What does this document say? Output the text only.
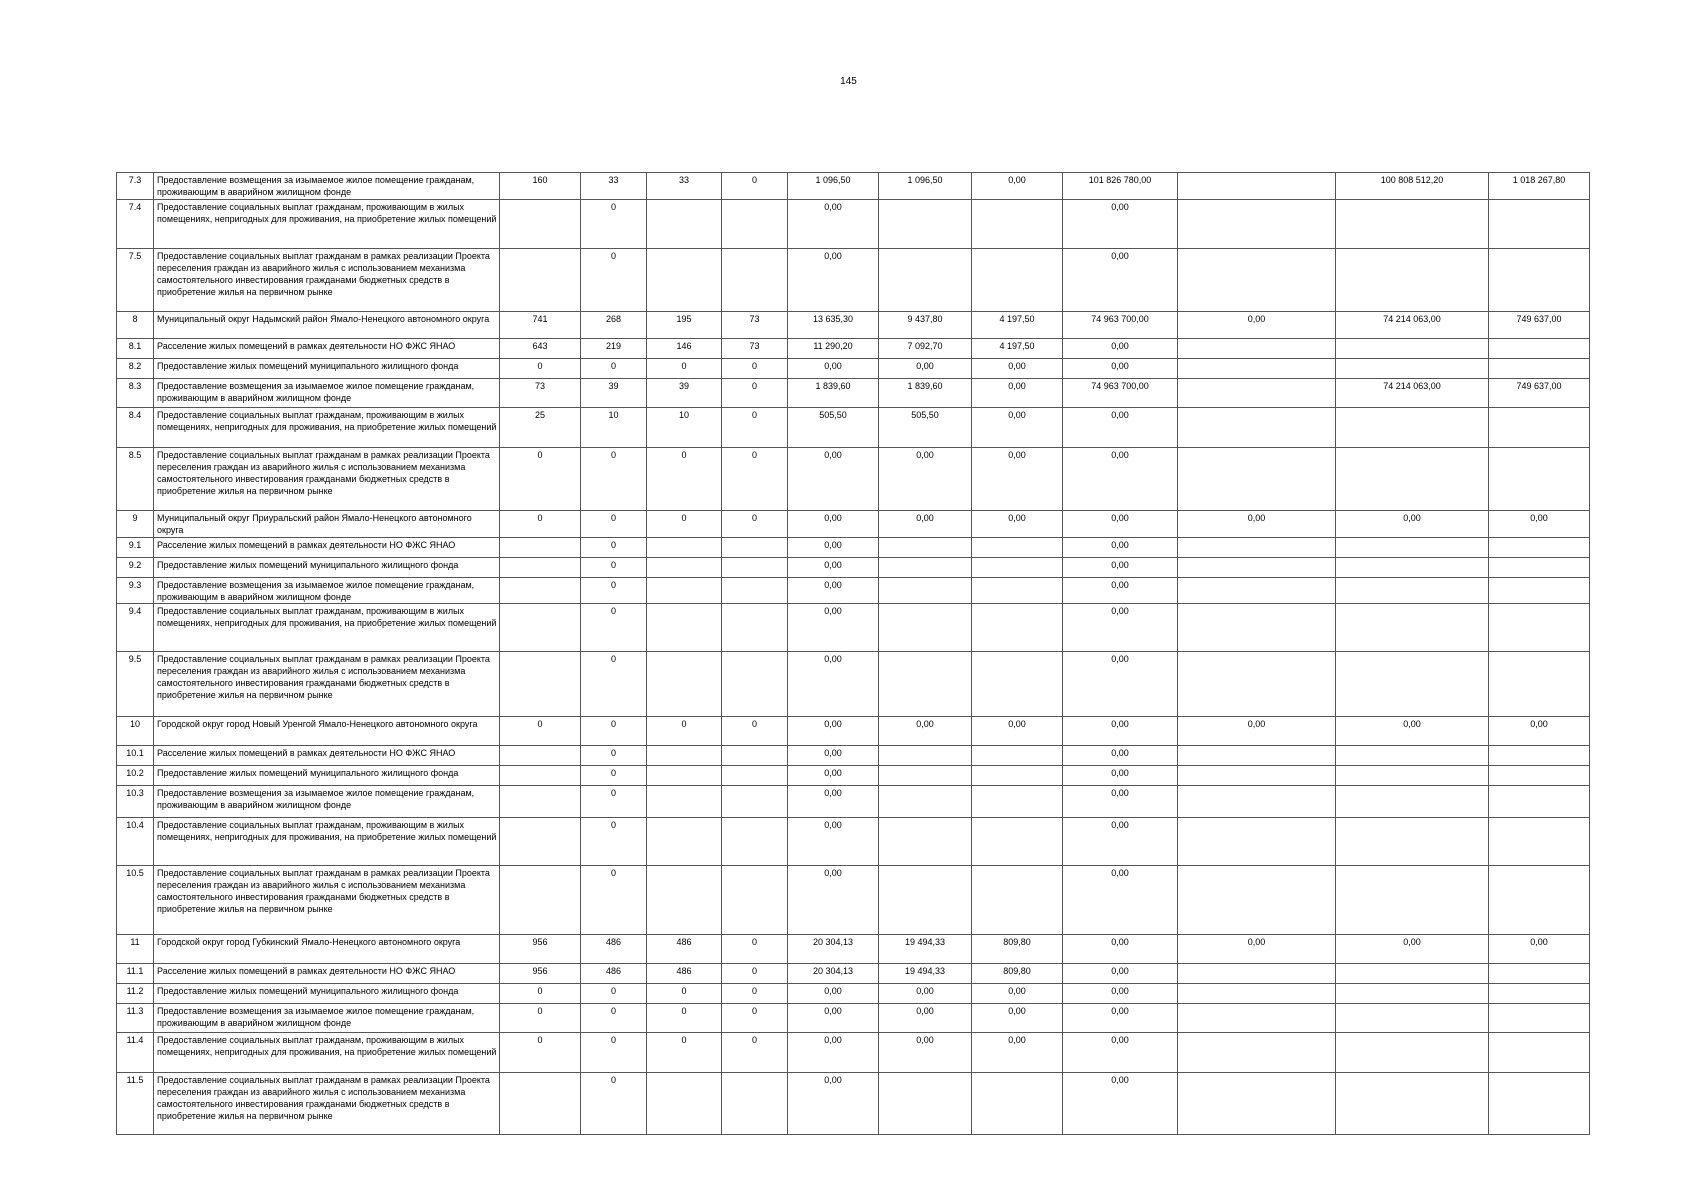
145
7.3	Предоставление возмещения за изымаемое жилое помещение гражданам, проживающим в аварийном жилищном фонде	160	33	33	0	1 096,50	1 096,50	0,00	101 826 780,00		100 808 512,20	1 018 267,80
7.4	Предоставление социальных выплат гражданам, проживающим в жилых помещениях, непригодных для проживания, на приобретение жилых помещений		0			0,00			0,00			
7.5	Предоставление социальных выплат гражданам в рамках реализации Проекта переселения граждан из аварийного жилья с использованием механизма самостоятельного инвестирования гражданами бюджетных средств в приобретение жилья на первичном рынке		0			0,00			0,00			
8	Муниципальный округ Надымский район Ямало-Ненецкого автономного округа	741	268	195	73	13 635,30	9 437,80	4 197,50	74 963 700,00	0,00	74 214 063,00	749 637,00
8.1	Расселение жилых помещений в рамках деятельности НО ФЖС ЯНАО	643	219	146	73	11 290,20	7 092,70	4 197,50	0,00			
8.2	Предоставление жилых помещений муниципального жилищного фонда	0	0	0	0	0,00	0,00	0,00	0,00			
8.3	Предоставление возмещения за изымаемое жилое помещение гражданам, проживающим в аварийном жилищном фонде	73	39	39	0	1 839,60	1 839,60	0,00	74 963 700,00		74 214 063,00	749 637,00
8.4	Предоставление социальных выплат гражданам, проживающим в жилых помещениях, непригодных для проживания, на приобретение жилых помещений	25	10	10	0	505,50	505,50	0,00	0,00			
8.5	Предоставление социальных выплат гражданам в рамках реализации Проекта переселения граждан из аварийного жилья с использованием механизма самостоятельного инвестирования гражданами бюджетных средств в приобретение жилья на первичном рынке	0	0	0	0	0,00	0,00	0,00	0,00			
9	Муниципальный округ Приуральский район Ямало-Ненецкого автономного округа	0	0	0	0	0,00	0,00	0,00	0,00	0,00	0,00	0,00
9.1	Расселение жилых помещений в рамках деятельности НО ФЖС ЯНАО		0			0,00			0,00			
9.2	Предоставление жилых помещений муниципального жилищного фонда		0			0,00			0,00			
9.3	Предоставление возмещения за изымаемое жилое помещение гражданам, проживающим в аварийном жилищном фонде		0			0,00			0,00			
9.4	Предоставление социальных выплат гражданам, проживающим в жилых помещениях, непригодных для проживания, на приобретение жилых помещений		0			0,00			0,00			
9.5	Предоставление социальных выплат гражданам в рамках реализации Проекта переселения граждан из аварийного жилья с использованием механизма самостоятельного инвестирования гражданами бюджетных средств в приобретение жилья на первичном рынке		0			0,00			0,00			
10	Городской округ город Новый Уренгой Ямало-Ненецкого автономного округа	0	0	0	0	0,00	0,00	0,00	0,00	0,00	0,00	0,00
10.1	Расселение жилых помещений в рамках деятельности НО ФЖС ЯНАО		0			0,00			0,00			
10.2	Предоставление жилых помещений муниципального жилищного фонда		0			0,00			0,00			
10.3	Предоставление возмещения за изымаемое жилое помещение гражданам, проживающим в аварийном жилищном фонде		0			0,00			0,00			
10.4	Предоставление социальных выплат гражданам, проживающим в жилых помещениях, непригодных для проживания, на приобретение жилых помещений		0			0,00			0,00			
10.5	Предоставление социальных выплат гражданам в рамках реализации Проекта переселения граждан из аварийного жилья с использованием механизма самостоятельного инвестирования гражданами бюджетных средств в приобретение жилья на первичном рынке		0			0,00			0,00			
11	Городской округ город Губкинский Ямало-Ненецкого автономного округа	956	486	486	0	20 304,13	19 494,33	809,80	0,00	0,00	0,00	0,00
11.1	Расселение жилых помещений в рамках деятельности НО ФЖС ЯНАО	956	486	486	0	20 304,13	19 494,33	809,80	0,00			
11.2	Предоставление жилых помещений муниципального жилищного фонда	0	0	0	0	0,00	0,00	0,00	0,00			
11.3	Предоставление возмещения за изымаемое жилое помещение гражданам, проживающим в аварийном жилищном фонде	0	0	0	0	0,00	0,00	0,00	0,00			
11.4	Предоставление социальных выплат гражданам, проживающим в жилых помещениях, непригодных для проживания, на приобретение жилых помещений	0	0	0	0	0,00	0,00	0,00	0,00			
11.5	Предоставление социальных выплат гражданам в рамках реализации Проекта переселения граждан из аварийного жилья с использованием механизма самостоятельного инвестирования гражданами бюджетных средств в приобретение жилья на первичном рынке		0			0,00			0,00			
